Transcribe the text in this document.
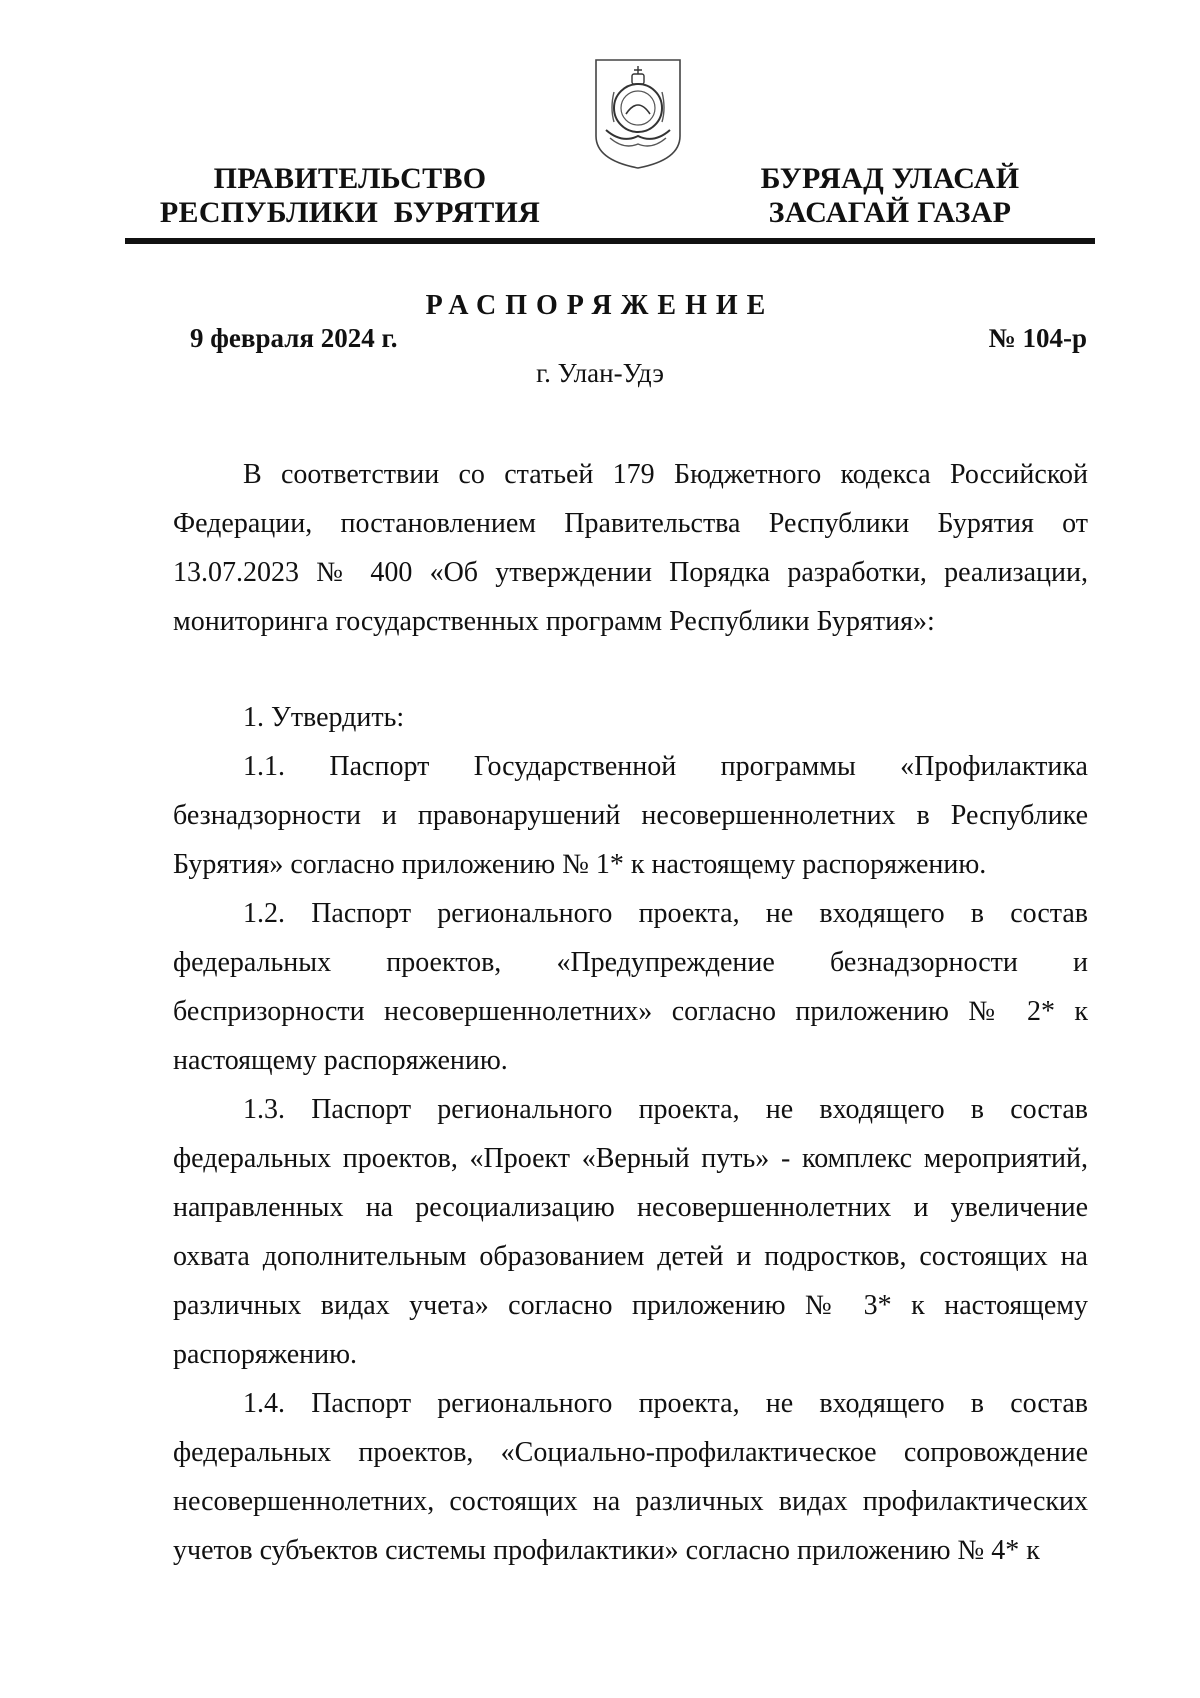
ПРАВИТЕЛЬСТВО
РЕСПУБЛИКИ  БУРЯТИЯ
БУРЯАД УЛАСАЙ
ЗАСАГАЙ ГАЗАР
РАСПОРЯЖЕНИЕ
9 февраля 2024 г.	№ 104-р
г. Улан-Удэ

В соответствии со статьей 179 Бюджетного кодекса Российской Федерации, постановлением Правительства Республики Бурятия от 13.07.2023 № 400 «Об утверждении Порядка разработки, реализации, мониторинга государственных программ Республики Бурятия»:

1. Утвердить:

1.1. Паспорт Государственной программы «Профилактика безнадзорности и правонарушений несовершеннолетних в Республике Бурятия» согласно приложению № 1* к настоящему распоряжению.

1.2. Паспорт регионального проекта, не входящего в состав федеральных проектов, «Предупреждение безнадзорности и беспризорности несовершеннолетних» согласно приложению № 2* к настоящему распоряжению.

1.3. Паспорт регионального проекта, не входящего в состав федеральных проектов, «Проект «Верный путь» - комплекс мероприятий, направленных на ресоциализацию несовершеннолетних и увеличение охвата дополнительным образованием детей и подростков, состоящих на различных видах учета» согласно приложению № 3* к настоящему распоряжению.

1.4. Паспорт регионального проекта, не входящего в состав федеральных проектов, «Социально-профилактическое сопровождение несовершеннолетних, состоящих на различных видах профилактических учетов субъектов системы профилактики» согласно приложению № 4* к
